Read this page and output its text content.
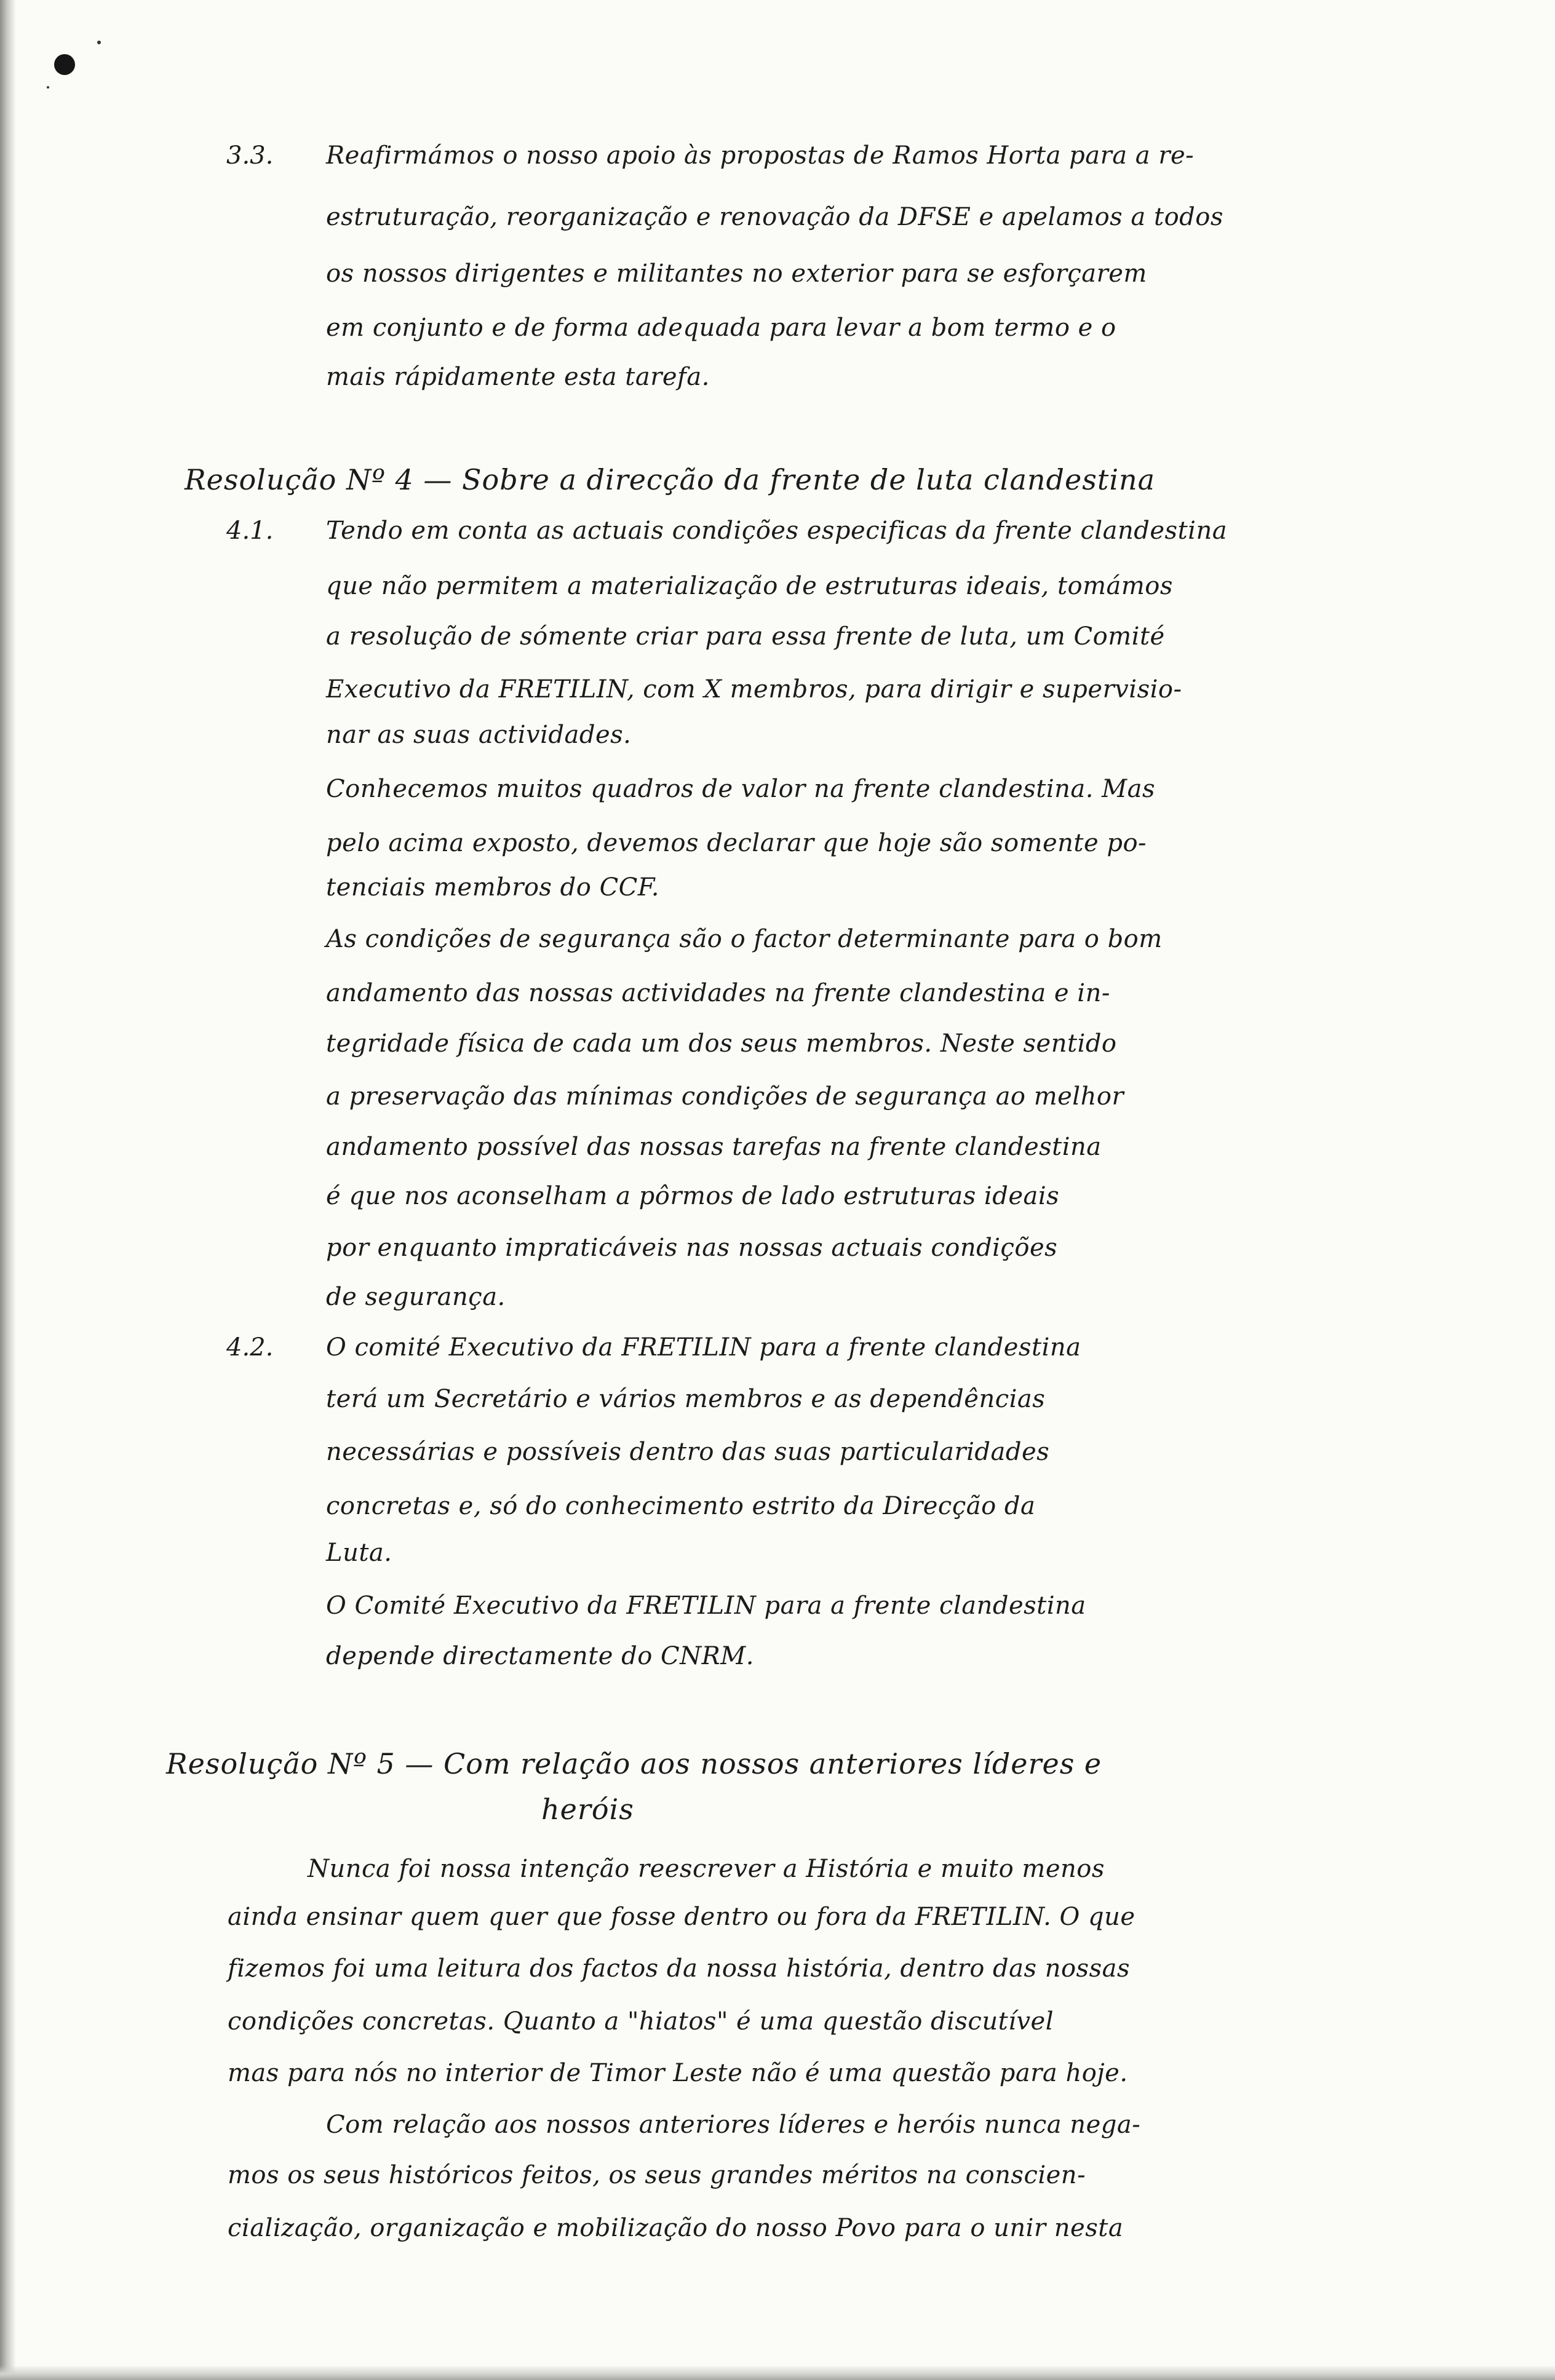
3.3. Reafirmámos o nosso apoio às propostas de Ramos Horta para a re-
estruturação, reorganização e renovação da DFSE e apelamos a todos
os nossos dirigentes e militantes no exterior para se esforçarem
em conjunto e de forma adequada para levar a bom termo e o
mais rápidamente esta tarefa.
Resolução Nº 4 — Sobre a direcção da frente de luta clandestina
4.1. Tendo em conta as actuais condições especificas da frente clandestina
que não permitem a materialização de estruturas ideais, tomámos
a resolução de sómente criar para essa frente de luta, um Comité
Executivo da FRETILIN, com X membros, para dirigir e supervisio-
nar as suas actividades.
Conhecemos muitos quadros de valor na frente clandestina. Mas
pelo acima exposto, devemos declarar que hoje são somente po-
tenciais membros do CCF.
As condições de segurança são o factor determinante para o bom
andamento das nossas actividades na frente clandestina e in-
tegridade física de cada um dos seus membros. Neste sentido
a preservação das mínimas condições de segurança ao melhor
andamento possível das nossas tarefas na frente clandestina
é que nos aconselham a pôrmos de lado estruturas ideais
por enquanto impraticáveis nas nossas actuais condições
de segurança.
4.2. O comité Executivo da FRETILIN para a frente clandestina
terá um Secretário e vários membros e as dependências
necessárias e possíveis dentro das suas particularidades
concretas e, só do conhecimento estrito da Direcção da
Luta.
O Comité Executivo da FRETILIN para a frente clandestina
depende directamente do CNRM.
Resolução Nº 5 — Com relação aos nossos anteriores líderes e
heróis
Nunca foi nossa intenção reescrever a História e muito menos
ainda ensinar quem quer que fosse dentro ou fora da FRETILIN. O que
fizemos foi uma leitura dos factos da nossa história, dentro das nossas
condições concretas. Quanto a "hiatos" é uma questão discutível
mas para nós no interior de Timor Leste não é uma questão para hoje.
Com relação aos nossos anteriores líderes e heróis nunca nega-
mos os seus históricos feitos, os seus grandes méritos na conscien-
cialização, organização e mobilização do nosso Povo para o unir nesta
